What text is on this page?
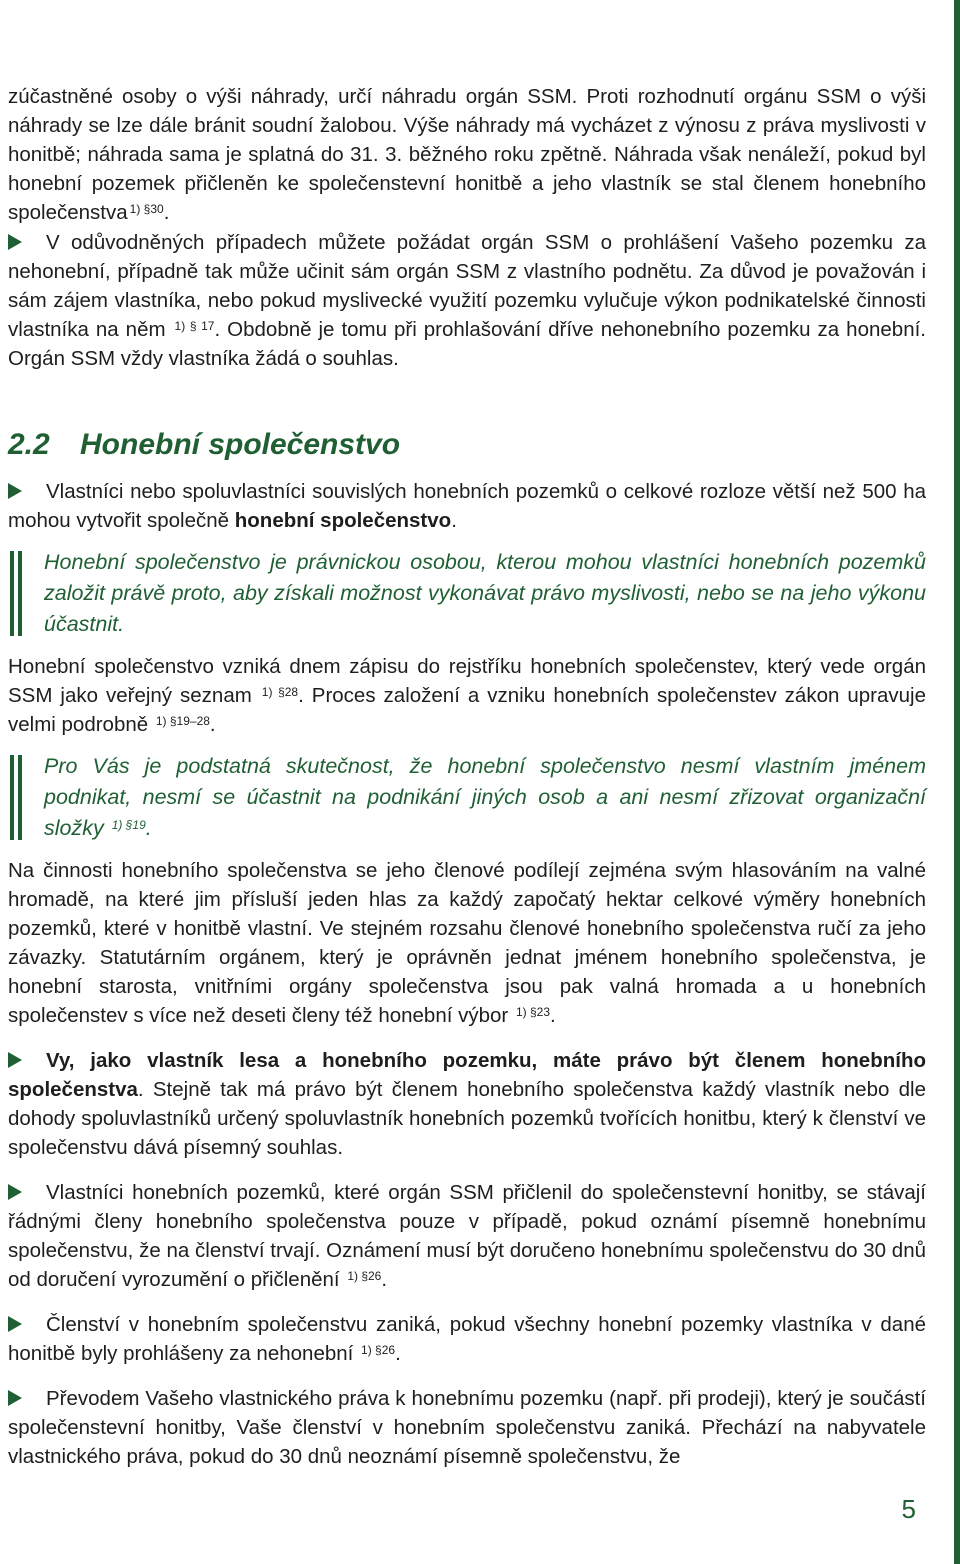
zúčastněné osoby o výši náhrady, určí náhradu orgán SSM. Proti rozhodnutí orgánu SSM o výši náhrady se lze dále bránit soudní žalobou. Výše náhrady má vycházet z výnosu z práva myslivosti v honitbě; náhrada sama je splatná do 31. 3. běžného roku zpětně. Náhrada však nenáleží, pokud byl honební pozemek přičleněn ke společenstevní honitbě a jeho vlastník se stal členem honebního společenstva $^{1) \S 30}$.

V odůvodněných případech můžete požádat orgán SSM o prohlášení Vašeho pozemku za nehonební, případně tak může učinit sám orgán SSM z vlastního podnětu. Za důvod je považován i sám zájem vlastníka, nebo pokud myslivecké využití pozemku vylučuje výkon podnikatelské činnosti vlastníka na něm $^{1) \S 17}$. Obdobně je tomu při prohlašování dříve nehonebního pozemku za honební. Orgán SSM vždy vlastníka žádá o souhlas.

2.2	Honební společenstvo

Vlastníci nebo spoluvlastníci souvislých honebních pozemků o celkové rozloze větší než 500 ha mohou vytvořit společně honební společenstvo.

Honební společenstvo je právnickou osobou, kterou mohou vlastníci honebních pozemků založit právě proto, aby získali možnost vykonávat právo myslivosti, nebo se na jeho výkonu účastnit.

Honební společenstvo vzniká dnem zápisu do rejstříku honebních společenstev, který vede orgán SSM jako veřejný seznam $^{1) \S 28}$. Proces založení a vzniku honebních společenstev zákon upravuje velmi podrobně $^{1) \S 19-28}$.

Pro Vás je podstatná skutečnost, že honební společenstvo nesmí vlastním jménem podnikat, nesmí se účastnit na podnikání jiných osob a ani nesmí zřizovat organizační složky $^{1) \S 19}$.

Na činnosti honebního společenstva se jeho členové podílejí zejména svým hlasováním na valné hromadě, na které jim přísluší jeden hlas za každý započatý hektar celkové výměry honebních pozemků, které v honitbě vlastní. Ve stejném rozsahu členové honebního společenstva ručí za jeho závazky. Statutárním orgánem, který je oprávněn jednat jménem honebního společenstva, je honební starosta, vnitřními orgány společenstva jsou pak valná hromada a u honebních společenstev s více než deseti členy též honební výbor $^{1) \S 23}$.

Vy, jako vlastník lesa a honebního pozemku, máte právo být členem honebního společenstva. Stejně tak má právo být členem honebního společenstva každý vlastník nebo dle dohody spoluvlastníků určený spoluvlastník honebních pozemků tvořících honitbu, který k členství ve společenstvu dává písemný souhlas.

Vlastníci honebních pozemků, které orgán SSM přičlenil do společenstevní honitby, se stávají řádnými členy honebního společenstva pouze v případě, pokud oznámí písemně honebnímu společenstvu, že na členství trvají. Oznámení musí být doručeno honebnímu společenstvu do 30 dnů od doručení vyrozumění o přičlenění $^{1) \S 26}$.

Členství v honebním společenstvu zaniká, pokud všechny honební pozemky vlastníka v dané honitbě byly prohlášeny za nehonební $^{1) \S 26}$.

Převodem Vašeho vlastnického práva k honebnímu pozemku (např. při prodeji), který je součástí společenstevní honitby, Vaše členství v honebním společenstvu zaniká. Přechází na nabyvatele vlastnického práva, pokud do 30 dnů neoznámí písemně společenstvu, že

5
